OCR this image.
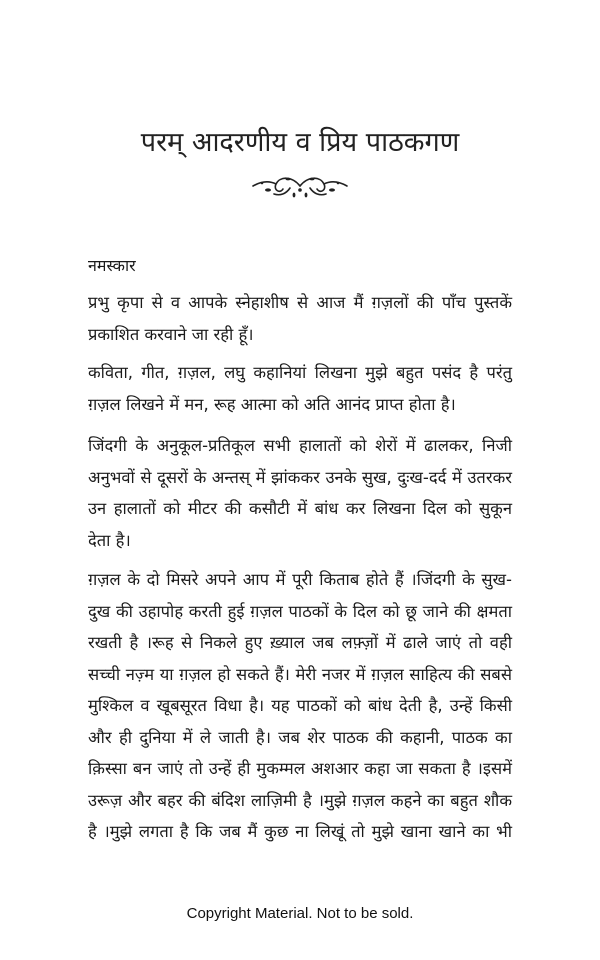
परम् आदरणीय व प्रिय पाठकगण
नमस्कार
प्रभु कृपा से व आपके स्नेहाशीष से आज मैं ग़ज़लों की पाँच पुस्तकें
प्रकाशित करवाने जा रही हूँ।
कविता, गीत, ग़ज़ल, लघु कहानियां लिखना मुझे बहुत पसंद है परंतु
ग़ज़ल लिखने में मन, रूह आत्मा को अति आनंद प्राप्त होता है।
जिंदगी के अनुकूल-प्रतिकूल सभी हालातों को शेरों में ढालकर, निजी
अनुभवों से दूसरों के अन्तस् में झांककर उनके सुख, दुःख-दर्द में उतरकर
उन हालातों को मीटर की कसौटी में बांध कर लिखना दिल को सुकून
देता है।
ग़ज़ल के दो मिसरे अपने आप में पूरी किताब होते हैं ।जिंदगी के सुख-
दुख की उहापोह करती हुई ग़ज़ल पाठकों के दिल को छू जाने की क्षमता
रखती है ।रूह से निकले हुए ख़्याल जब लफ़्ज़ों में ढाले जाएं तो वही
सच्ची नज़्म या ग़ज़ल हो सकते हैं। मेरी नजर में ग़ज़ल साहित्य की सबसे
मुश्किल व खूबसूरत विधा है। यह पाठकों को बांध देती है, उन्हें किसी
और ही दुनिया में ले जाती है। जब शेर पाठक की कहानी, पाठक का
क़िस्सा बन जाएं तो उन्हें ही मुकम्मल अशआर कहा जा सकता है ।इसमें
उरूज़ और बहर की बंदिश लाज़िमी है ।मुझे ग़ज़ल कहने का बहुत शौक
है ।मुझे लगता है कि जब मैं कुछ ना लिखूं तो मुझे खाना खाने का भी
Copyright Material. Not to be sold.
